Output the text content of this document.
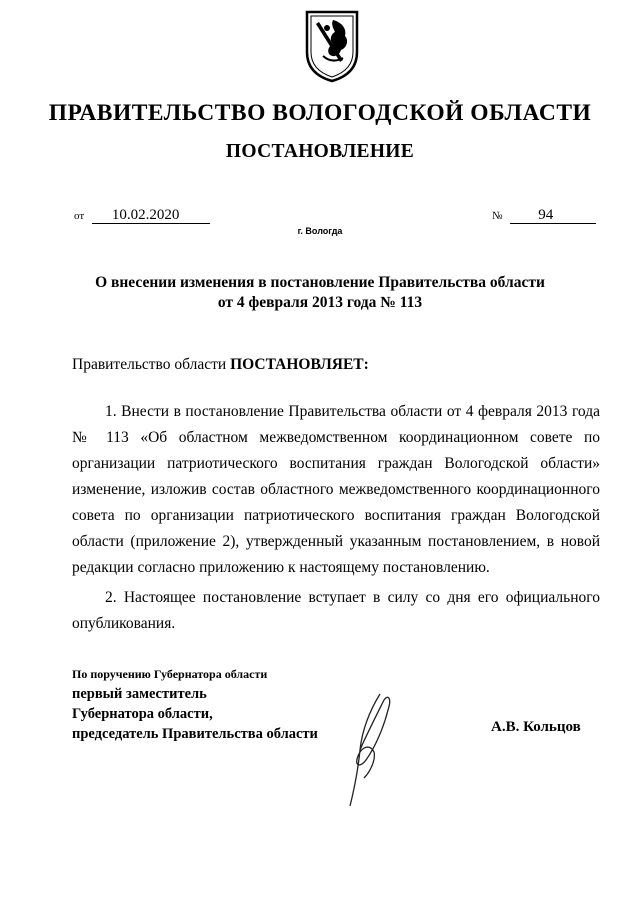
ПРАВИТЕЛЬСТВО ВОЛОГОДСКОЙ ОБЛАСТИ
ПОСТАНОВЛЕНИЕ
от 10.02.2020	№ 94
г. Вологда
О внесении изменения в постановление Правительства области
от 4 февраля 2013 года № 113
Правительство области ПОСТАНОВЛЯЕТ:

1. Внести в постановление Правительства области от 4 февраля 2013 года № 113 «Об областном межведомственном координационном совете по организации патриотического воспитания граждан Вологодской области» изменение, изложив состав областного межведомственного координационного совета по организации патриотического воспитания граждан Вологодской области (приложение 2), утвержденный указанным постановлением, в новой редакции согласно приложению к настоящему постановлению.

2. Настоящее постановление вступает в силу со дня его официального опубликования.

По поручению Губернатора области
первый заместитель
Губернатора области,
председатель Правительства области	А.В. Кольцов
